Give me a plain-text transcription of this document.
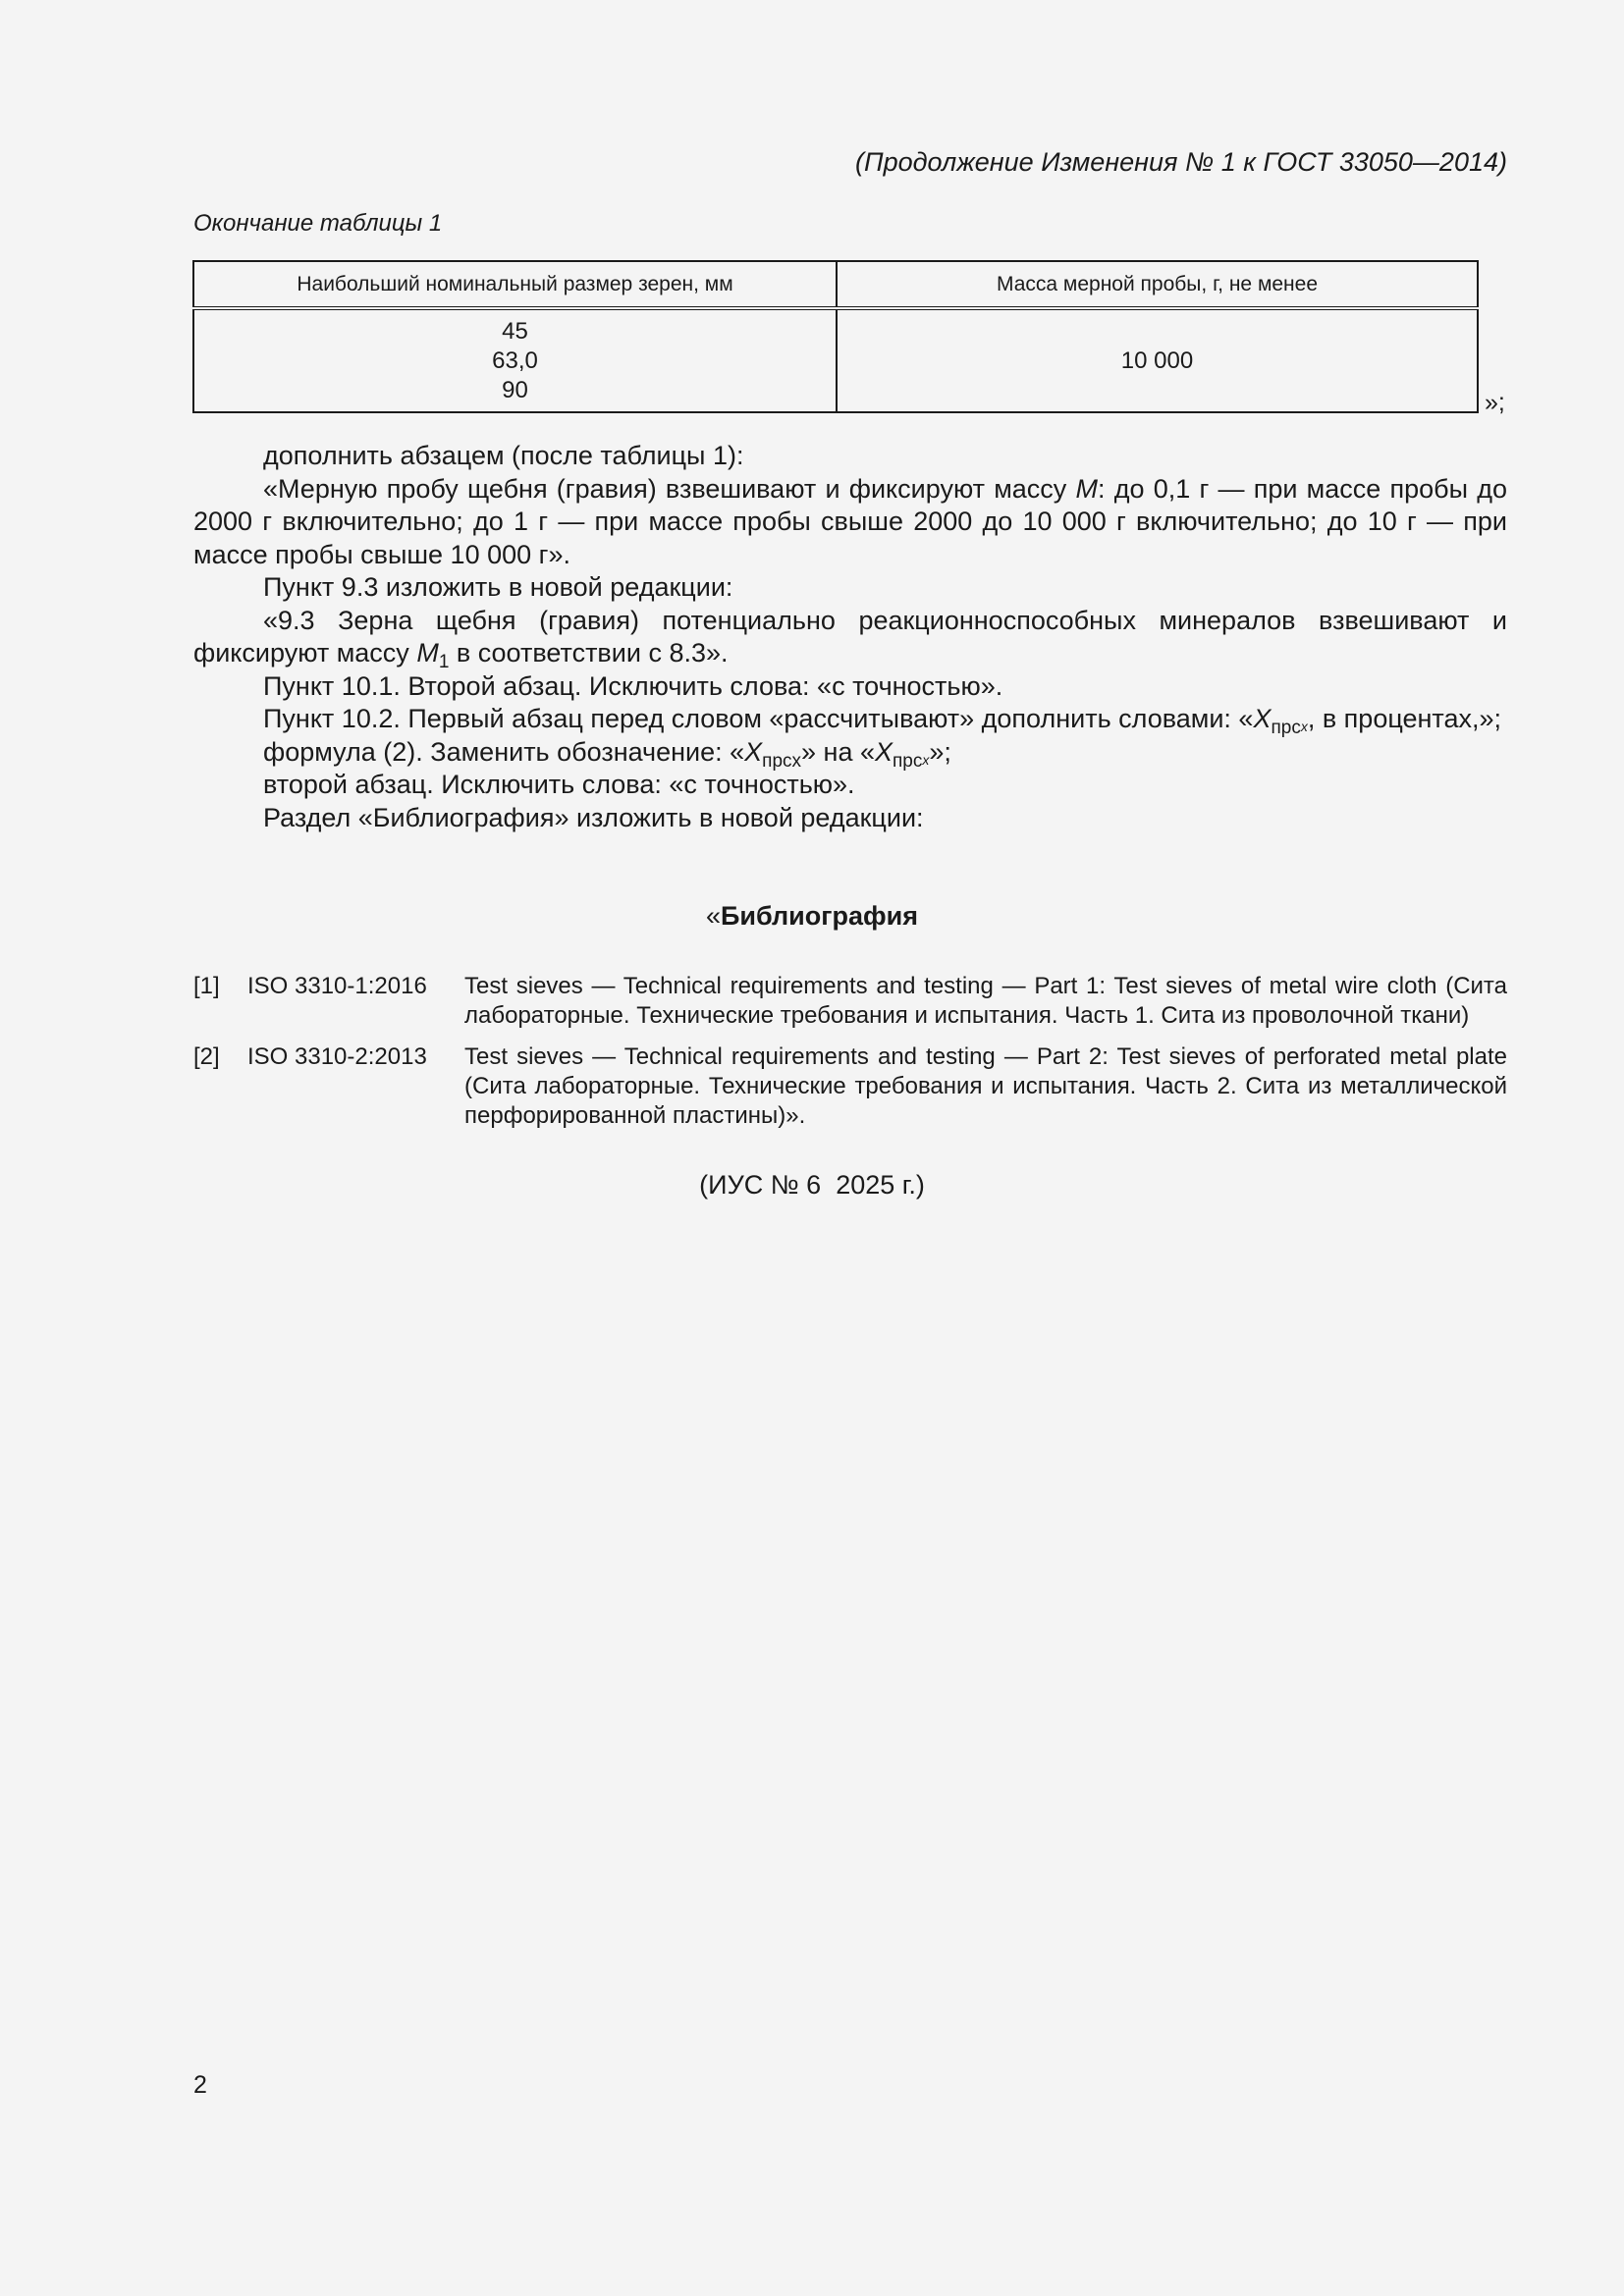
(Продолжение Изменения № 1 к ГОСТ 33050—2014)
Окончание таблицы 1
Наибольший номинальный размер зерен, мм	Масса мерной пробы, г, не менее

45
63,0
90	10 000
»;

дополнить абзацем (после таблицы 1):

«Мерную пробу щебня (гравия) взвешивают и фиксируют массу M: до 0,1 г — при массе пробы до 2000 г включительно; до 1 г — при массе пробы свыше 2000 до 10 000 г включительно; до 10 г — при массе пробы свыше 10 000 г».

Пункт 9.3 изложить в новой редакции:

«9.3 Зерна щебня (гравия) потенциально реакционноспособных минералов взвешивают и фиксируют массу $M_1$ в соответствии с 8.3».

Пункт 10.1. Второй абзац. Исключить слова: «с точностью».

Пункт 10.2. Первый абзац перед словом «рассчитывают» дополнить словами: «$X_{прс}x$, в процентах,»;

формула (2). Заменить обозначение: «$X_{прсх}$» на «$X_{прс}x$»;

второй абзац. Исключить слова: «с точностью».

Раздел «Библиография» изложить в новой редакции:

«Библиография
[1]	ISO 3310-1:2016	Test sieves — Technical requirements and testing — Part 1: Test sieves of metal wire cloth (Сита лабораторные. Технические требования и испытания. Часть 1. Сита из проволочной ткани)
[2]	ISO 3310-2:2013	Test sieves — Technical requirements and testing — Part 2: Test sieves of perforated metal plate (Сита лабораторные. Технические требования и испытания. Часть 2. Сита из металлической перфорированной пластины)».
(ИУС № 6  2025 г.)
2
